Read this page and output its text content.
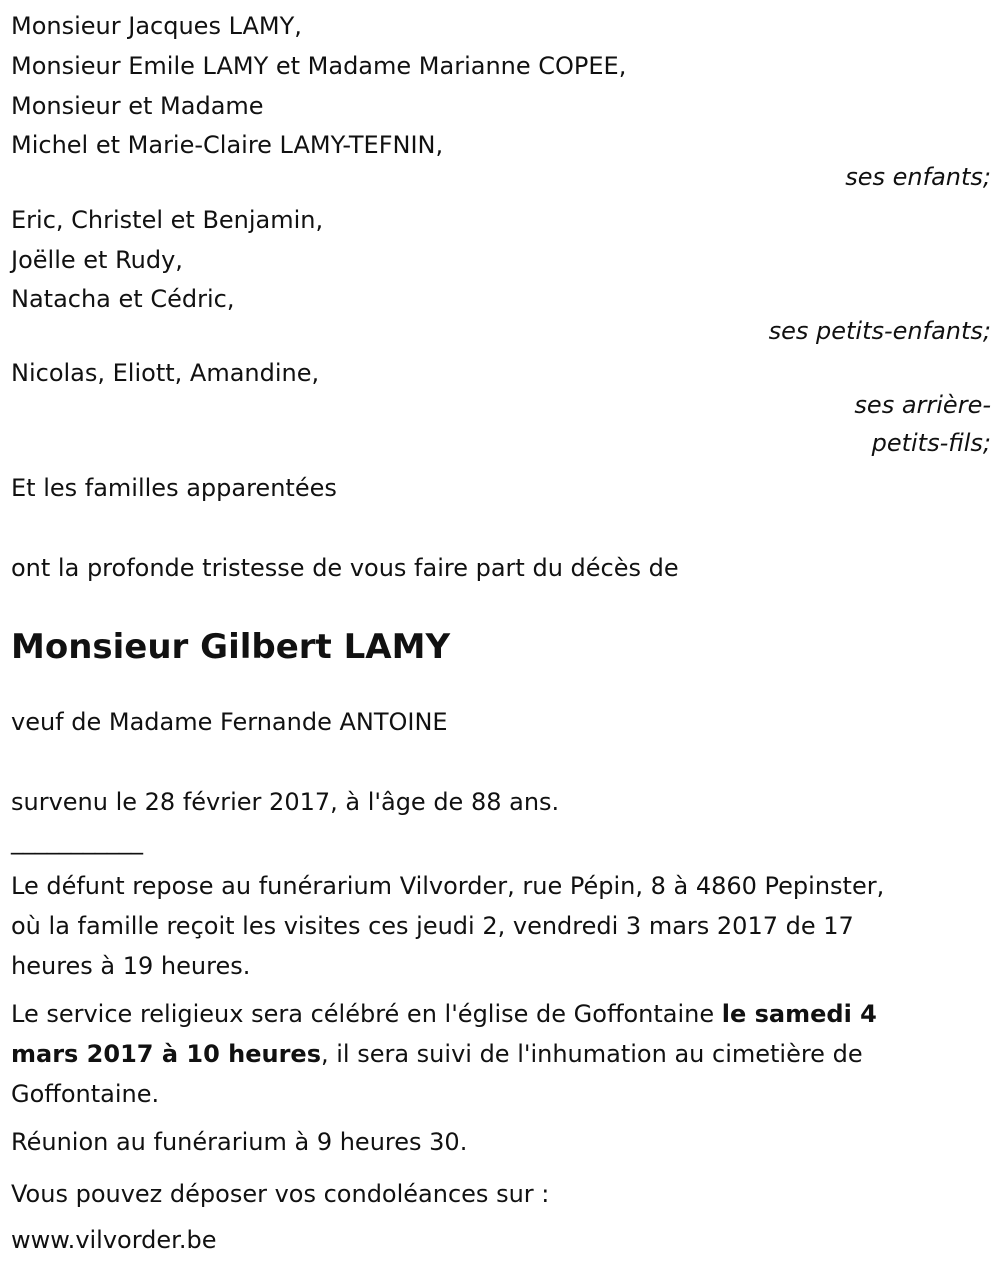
Monsieur Jacques LAMY,
Monsieur Emile LAMY et Madame Marianne COPEE,
Monsieur et Madame
Michel et Marie-Claire LAMY-TEFNIN,
ses enfants;
Eric, Christel et Benjamin,
Joëlle et Rudy,
Natacha et Cédric,
ses petits-enfants;
Nicolas, Eliott, Amandine,
ses arrière-
petits-fils;
Et les familles apparentées
ont la profonde tristesse de vous faire part du décès de
Monsieur Gilbert LAMY
veuf de Madame Fernande ANTOINE
survenu le 28 février 2017, à l'âge de 88 ans.
___________
Le défunt repose au funérarium Vilvorder, rue Pépin, 8 à 4860 Pepinster,
où la famille reçoit les visites ces jeudi 2, vendredi 3 mars 2017 de 17
heures à 19 heures.
Le service religieux sera célébré en l'église de Goffontaine le samedi 4
mars 2017 à 10 heures, il sera suivi de l'inhumation au cimetière de
Goffontaine.
Réunion au funérarium à 9 heures 30.
Vous pouvez déposer vos condoléances sur :
www.vilvorder.be
